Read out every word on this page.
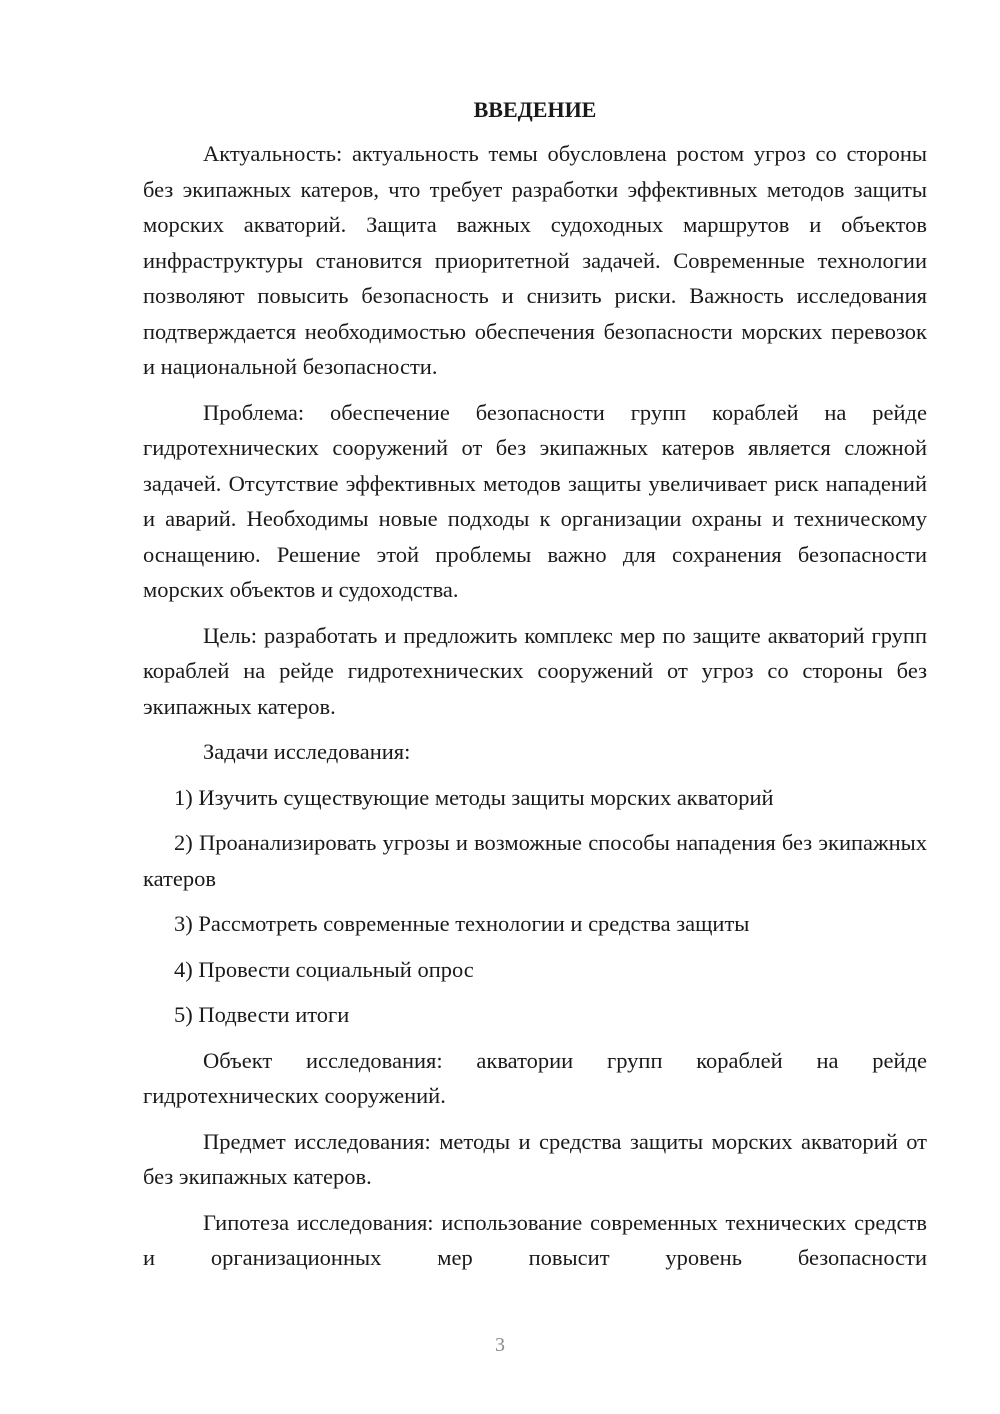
ВВЕДЕНИЕ

Актуальность: актуальность темы обусловлена ростом угроз со стороны без экипажных катеров, что требует разработки эффективных методов защиты морских акваторий. Защита важных судоходных маршрутов и объектов инфраструктуры становится приоритетной задачей. Современные технологии позволяют повысить безопасность и снизить риски. Важность исследования подтверждается необходимостью обеспечения безопасности морских перевозок и национальной безопасности.

Проблема: обеспечение безопасности групп кораблей на рейде гидротехнических сооружений от без экипажных катеров является сложной задачей. Отсутствие эффективных методов защиты увеличивает риск нападений и аварий. Необходимы новые подходы к организации охраны и техническому оснащению. Решение этой проблемы важно для сохранения безопасности морских объектов и судоходства.

Цель: разработать и предложить комплекс мер по защите акваторий групп кораблей на рейде гидротехнических сооружений от угроз со стороны без экипажных катеров.

Задачи исследования:

1) Изучить существующие методы защиты морских акваторий

2) Проанализировать угрозы и возможные способы нападения без экипажных катеров

3) Рассмотреть современные технологии и средства защиты

4) Провести социальный опрос

5) Подвести итоги

Объект исследования: акватории групп кораблей на рейде гидротехнических сооружений.

Предмет исследования: методы и средства защиты морских акваторий от без экипажных катеров.

Гипотеза исследования: использование современных технических средств и организационных мер повысит уровень безопасности

3
